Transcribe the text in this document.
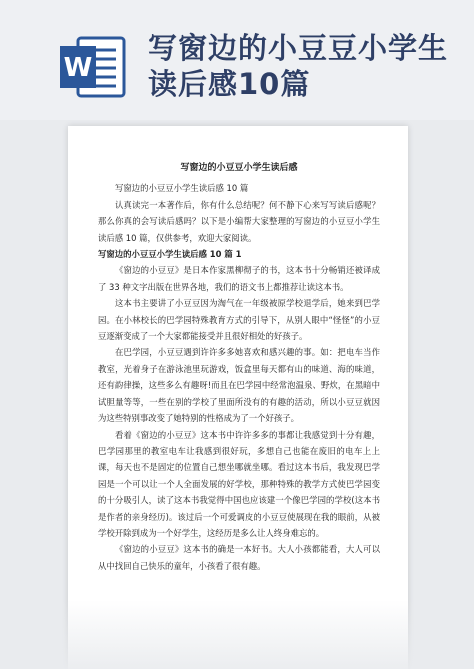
W
写窗边的小豆豆小学生读后感10篇

写窗边的小豆豆小学生读后感

写窗边的小豆豆小学生读后感 10 篇

认真读完一本著作后，你有什么总结呢？何不静下心来写写读后感呢？那么你真的会写读后感吗？以下是小编帮大家整理的写窗边的小豆豆小学生读后感 10 篇，仅供参考，欢迎大家阅读。

写窗边的小豆豆小学生读后感 10 篇 1

《窗边的小豆豆》是日本作家黑柳彻子的书，这本书十分畅销还被译成了 33 种文字出版在世界各地，我们的语文书上都推荐让读这本书。

这本书主要讲了小豆豆因为淘气在一年级被原学校退学后，她来到巴学园。在小林校长的巴学园特殊教育方式的引导下，从别人眼中“怪怪”的小豆豆逐渐变成了一个大家都能接受并且很好相处的好孩子。

在巴学园，小豆豆遇到许许多多她喜欢和感兴趣的事。如：把电车当作教室，光着身子在游泳池里玩游戏，饭盒里每天都有山的味道、海的味道，还有韵律操，这些多么有趣呀!而且在巴学园中经常泡温泉、野炊，在黑暗中试胆量等等，一些在别的学校了里面所没有的有趣的活动，所以小豆豆就因为这些特别事改变了她特别的性格成为了一个好孩子。

看着《窗边的小豆豆》这本书中许许多多的事都让我感觉到十分有趣，巴学园那里的教室电车让我感到很好玩，多想自己也能在废旧的电车上上课，每天也不是固定的位置自己想坐哪就坐哪。看过这本书后，我发现巴学园是一个可以让一个人全面发展的好学校，那种特殊的教学方式使巴学园变的十分吸引人，读了这本书我觉得中国也应该建一个像巴学园的学校(这本书是作者的亲身经历)。该过后一个可爱调皮的小豆豆使展现在我的眼前，从被学校开除到成为一个好学生，这经历是多么让人终身难忘的。

《窗边的小豆豆》这本书的确是一本好书。大人小孩都能看，大人可以从中找回自己快乐的童年，小孩看了很有趣。
